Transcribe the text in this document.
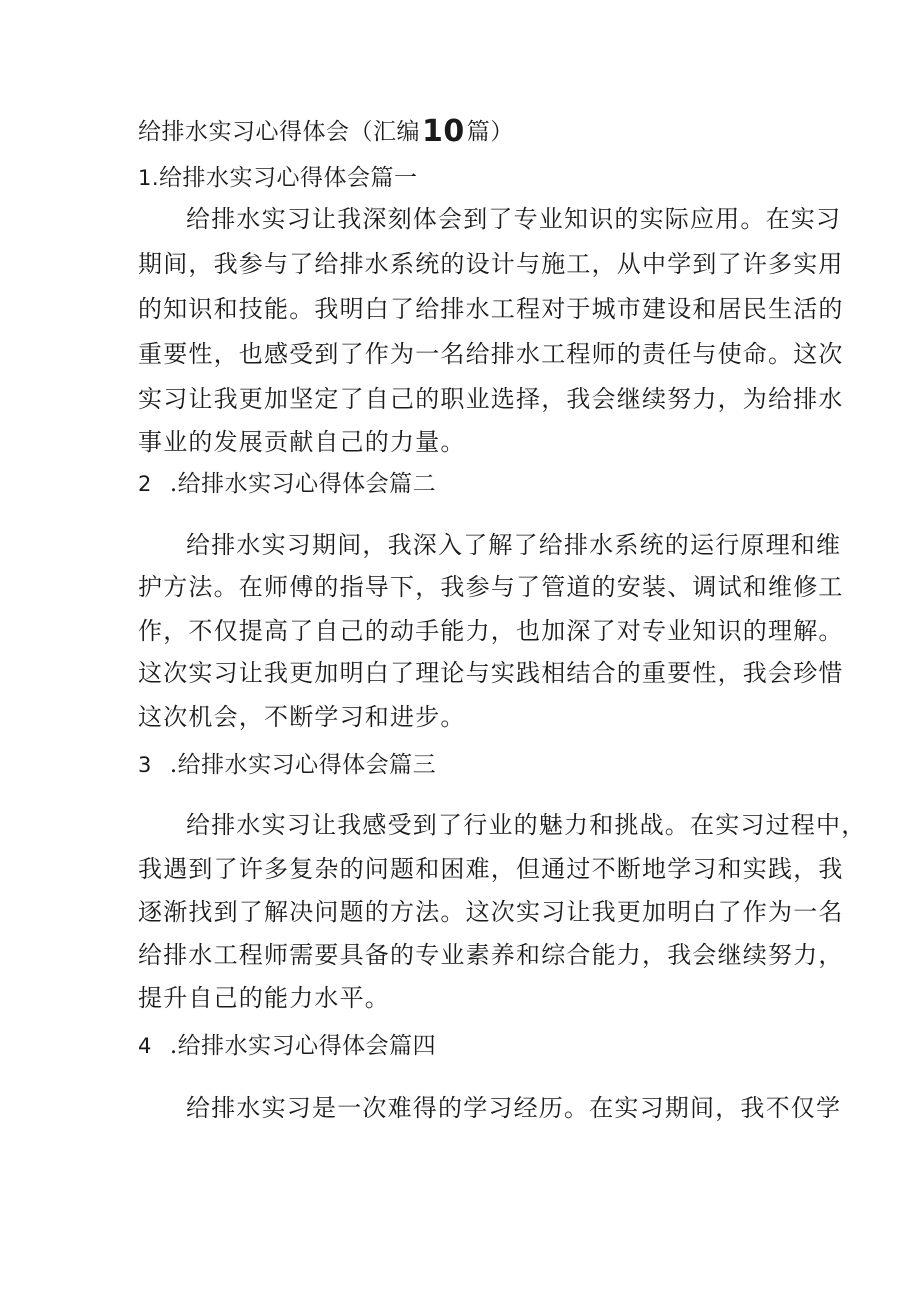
给排水实习心得体会（汇编10篇）
1.给排水实习心得体会篇一
给排水实习让我深刻体会到了专业知识的实际应用。在实习
期间，我参与了给排水系统的设计与施工，从中学到了许多实用
的知识和技能。我明白了给排水工程对于城市建设和居民生活的
重要性，也感受到了作为一名给排水工程师的责任与使命。这次
实习让我更加坚定了自己的职业选择，我会继续努力，为给排水
事业的发展贡献自己的力量。
2 .给排水实习心得体会篇二
给排水实习期间，我深入了解了给排水系统的运行原理和维
护方法。在师傅的指导下，我参与了管道的安装、调试和维修工
作，不仅提高了自己的动手能力，也加深了对专业知识的理解。
这次实习让我更加明白了理论与实践相结合的重要性，我会珍惜
这次机会，不断学习和进步。
3 .给排水实习心得体会篇三
给排水实习让我感受到了行业的魅力和挑战。在实习过程中，
我遇到了许多复杂的问题和困难，但通过不断地学习和实践，我
逐渐找到了解决问题的方法。这次实习让我更加明白了作为一名
给排水工程师需要具备的专业素养和综合能力，我会继续努力，
提升自己的能力水平。
4 .给排水实习心得体会篇四
给排水实习是一次难得的学习经历。在实习期间，我不仅学
